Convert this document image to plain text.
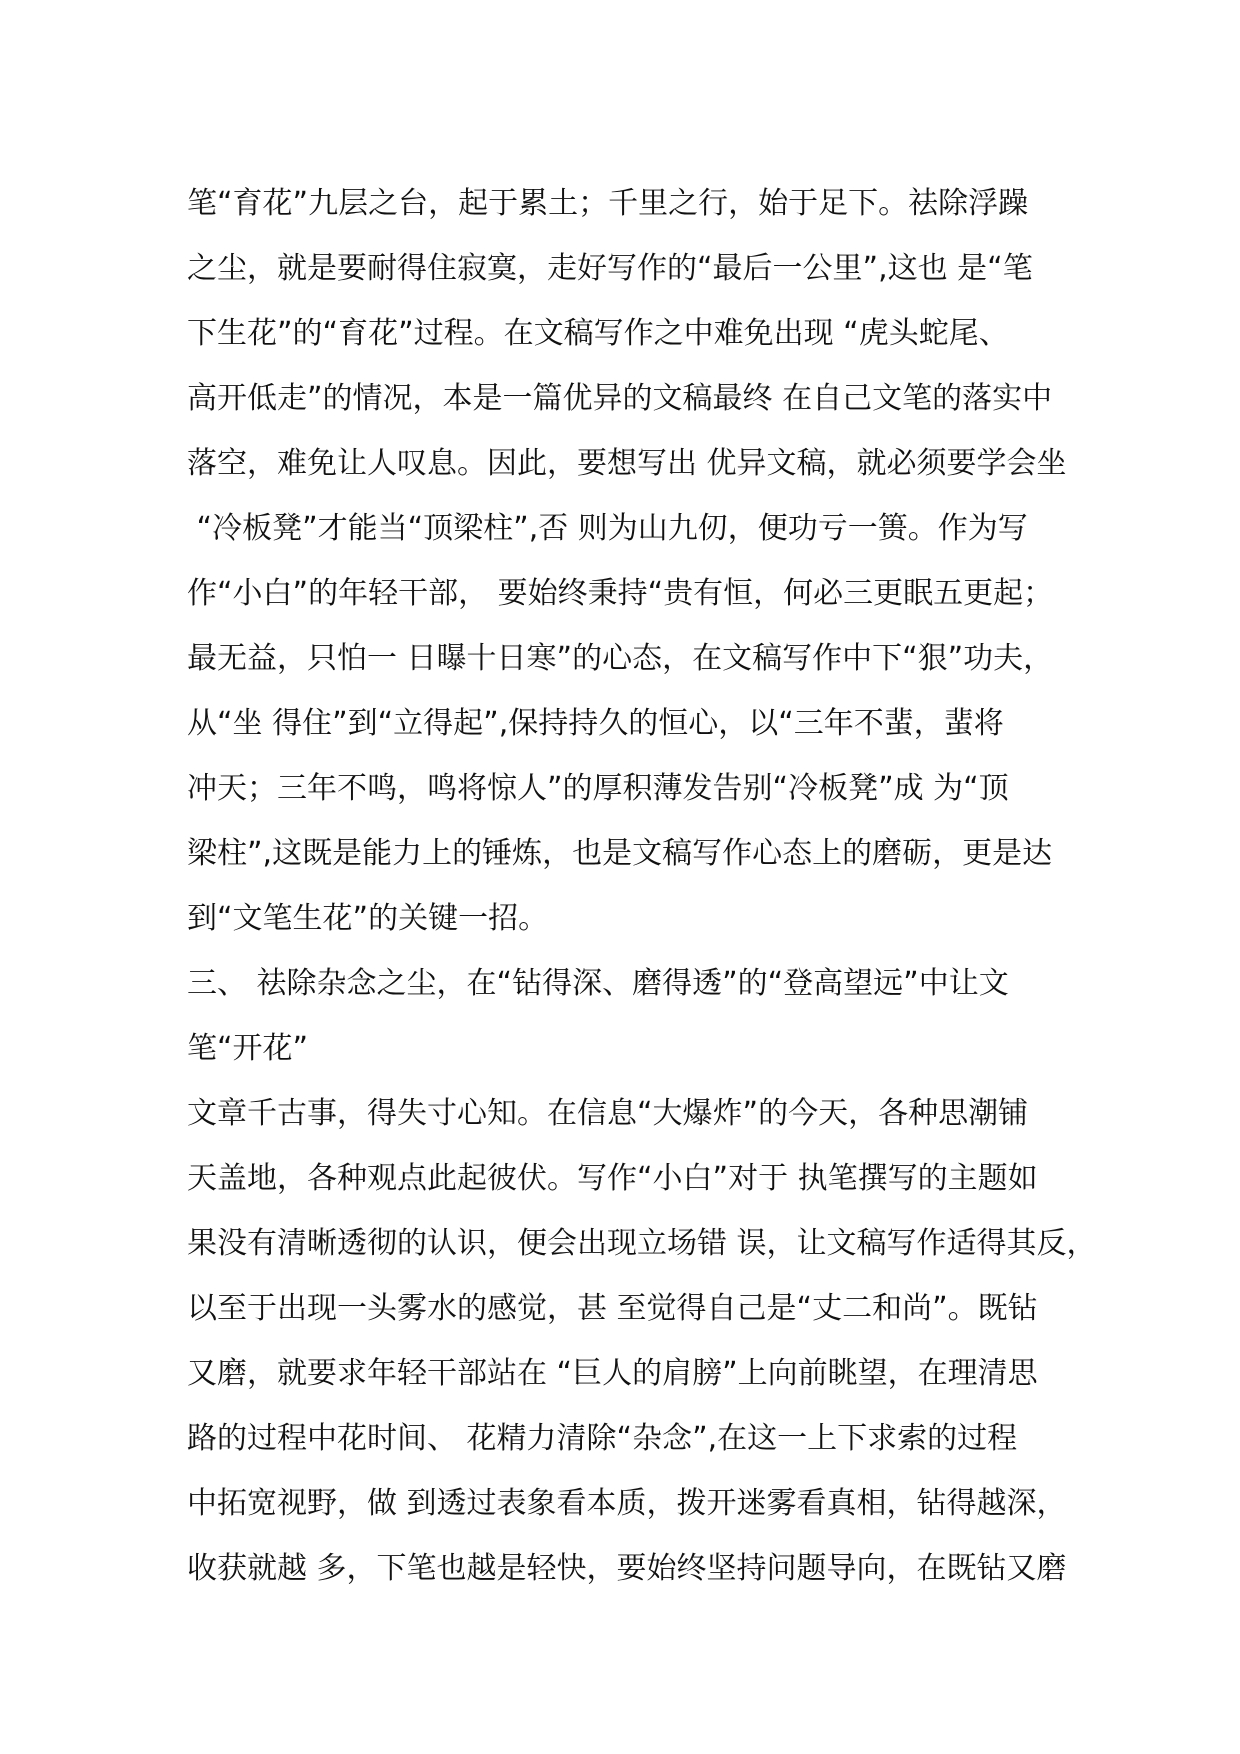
笔“育花”九层之台，起于累土；千里之行，始于足下。祛除浮躁
之尘，就是要耐得住寂寞，走好写作的“最后一公里”,这也 是“笔
下生花”的“育花”过程。在文稿写作之中难免出现 “虎头蛇尾、
高开低走”的情况，本是一篇优异的文稿最终 在自己文笔的落实中
落空，难免让人叹息。因此，要想写出 优异文稿，就必须要学会坐
“冷板凳”才能当“顶梁柱”,否 则为山九仞，便功亏一篑。作为写
作“小白”的年轻干部， 要始终秉持“贵有恒，何必三更眠五更起；
最无益，只怕一 日曝十日寒”的心态，在文稿写作中下“狠”功夫，
从“坐 得住”到“立得起”,保持持久的恒心，以“三年不蜚，蜚将
冲天；三年不鸣，鸣将惊人”的厚积薄发告别“冷板凳”成 为“顶
梁柱”,这既是能力上的锤炼，也是文稿写作心态上的磨砺，更是达
到“文笔生花”的关键一招。
三、 祛除杂念之尘，在“钻得深、磨得透”的“登高望远”中让文
笔“开花”
文章千古事，得失寸心知。在信息“大爆炸”的今天，各种思潮铺
天盖地，各种观点此起彼伏。写作“小白”对于 执笔撰写的主题如
果没有清晰透彻的认识，便会出现立场错 误，让文稿写作适得其反，
以至于出现一头雾水的感觉，甚 至觉得自己是“丈二和尚”。既钻
又磨，就要求年轻干部站在 “巨人的肩膀”上向前眺望，在理清思
路的过程中花时间、 花精力清除“杂念”,在这一上下求索的过程
中拓宽视野，做 到透过表象看本质，拨开迷雾看真相，钻得越深，
收获就越 多，下笔也越是轻快，要始终坚持问题导向，在既钻又磨
